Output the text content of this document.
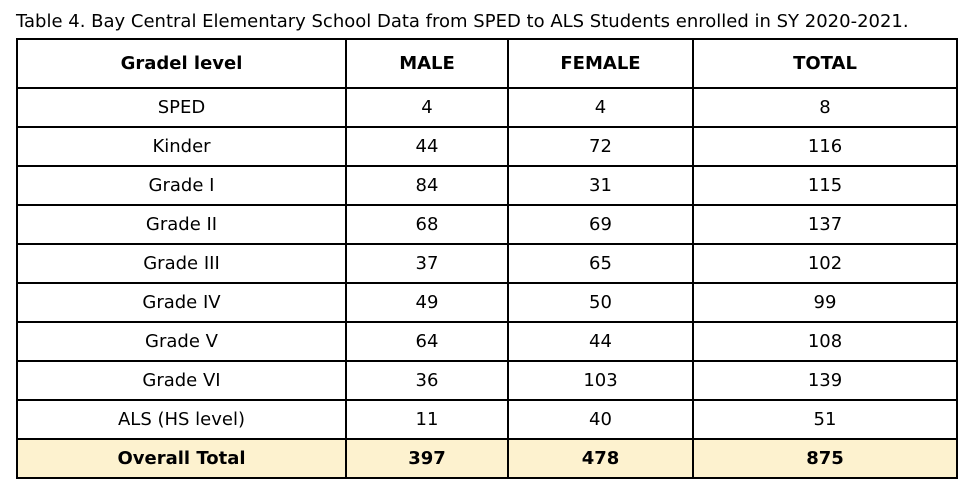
Table 4. Bay Central Elementary School Data from SPED to ALS Students enrolled in SY 2020-2021.
Gradel level	MALE	FEMALE	TOTAL
SPED	4	4	8
Kinder	44	72	116
Grade I	84	31	115
Grade II	68	69	137
Grade III	37	65	102
Grade IV	49	50	99
Grade V	64	44	108
Grade VI	36	103	139
ALS (HS level)	11	40	51
Overall Total	397	478	875
